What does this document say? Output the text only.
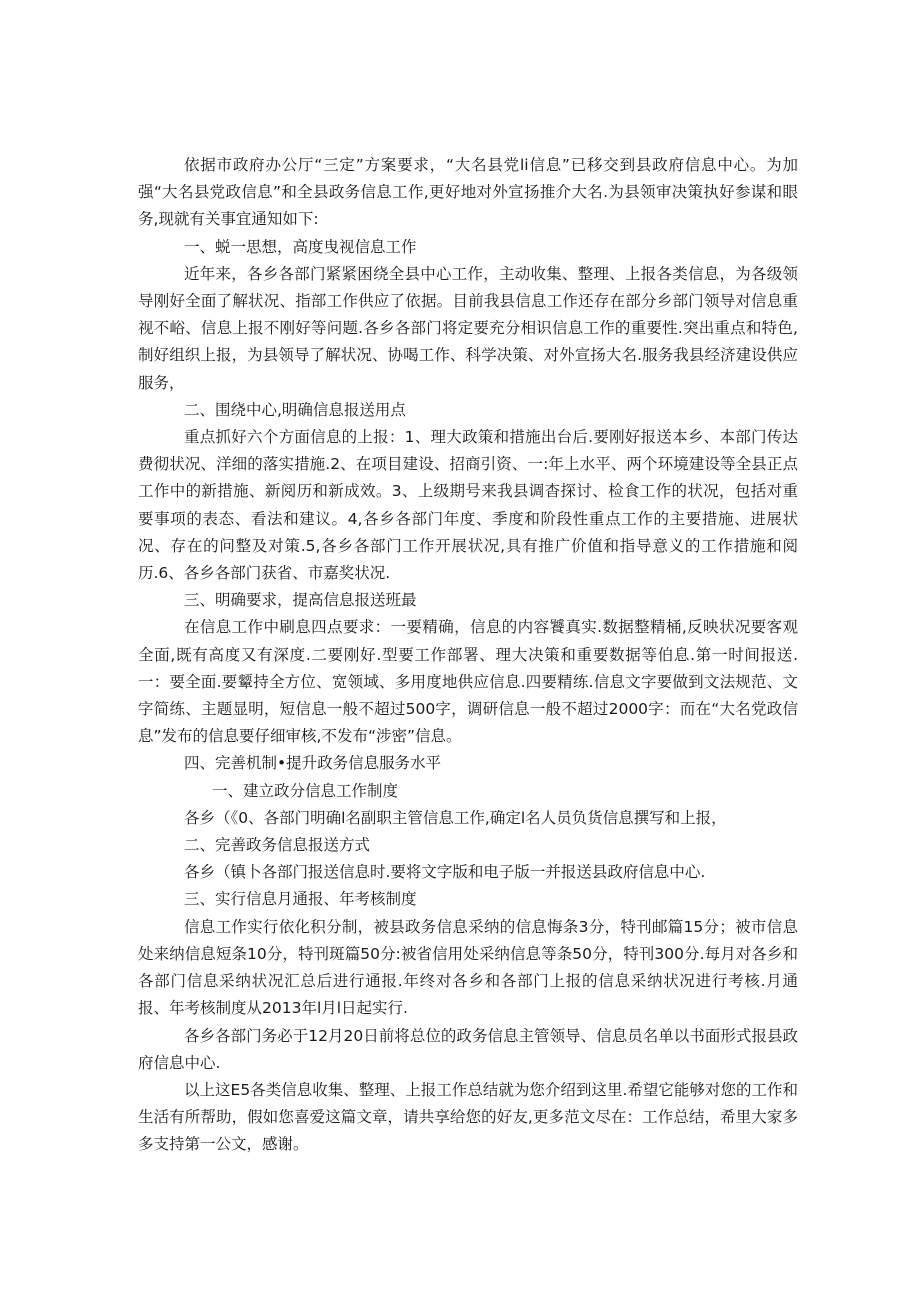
依据市政府办公厅“三定”方案要求，“大名县党li信息”已移交到县政府信息中心。为加强“大名县党政信息”和全县政务信息工作,更好地对外宣扬推介大名.为县领审决策执好参谋和眼务,现就有关事宜通知如下:

一、蜕一思想，高度曳视信息工作

近年来，各乡各部门紧紧困绕全县中心工作，主动收集、整理、上报各类信息，为各级领导刚好全面了解状况、指部工作供应了依据。目前我县信息工作还存在部分乡部门领导对信息重视不峪、信息上报不刚好等问题.各乡各部门将定要充分相识信息工作的重要性.突出重点和特色,制好组织上报，为县领导了解状况、协喝工作、科学决策、对外宣扬大名.服务我县经济建设供应服务，

二、围绕中心,明确信息报送用点

重点抓好六个方面信息的上报：1、理大政策和措施出台后.要刚好报送本乡、本部门传达费彻状况、洋细的落实措施.2、在项目建设、招商引资、一:年上水平、两个环境建设等全县正点工作中的新措施、新阅历和新成效。3、上级期号来我县调杳探讨、检食工作的状况，包括对重要事项的表态、看法和建议。4,各乡各部门年度、季度和阶段性重点工作的主要措施、进展状况、存在的问整及对策.5,各乡各部门工作开展状况,具有推广价值和指导意义的工作措施和阅历.6、各乡各部门获省、市嘉奖状况.

三、明确要求，提高信息报送班最

在信息工作中刷息四点要求：一要精确，信息的内容饕真实.数据整精桶,反映状况要客观全面,既有高度又有深度.二要刚好.型要工作部署、理大决策和重要数据等伯息.第一时间报送.一：要全面.要颦持全方位、宽领域、多用度地供应信息.四要精练.信息文字要做到文法规范、文字简练、主题显明，短信息一般不超过500字，调研信息一般不超过2000字：而在“大名党政信息”发布的信息要仔细审核,不发布“涉密”信息。

四、完善机制•提升政务信息服务水平

一、建立政分信息工作制度

各乡（《0、各部门明确l名副职主管信息工作,确定l名人员负货信息撰写和上报，

二、完善政务信息报送方式

各乡（镇卜各部门报送信息时.要将文字版和电子版一并报送县政府信息中心.

三、实行信息月通报、年考核制度

信息工作实行依化积分制，被县政务信息采纳的信息悔条3分，特刊邮篇15分；被市信息处来纳信息短条10分，特刊斑篇50分:被省信用处采纳信息等条50分，特刊300分.每月对各乡和各部门信息采纳状况汇总后进行通报.年终对各乡和各部门上报的信息采纳状况进行考核.月通报、年考核制度从2013年l月l日起实行.

各乡各部门务必于12月20日前将总位的政务信息主管领导、信息员名单以书面形式报县政府信息中心.

以上这E5各类信息收集、整理、上报工作总结就为您介绍到这里.希望它能够对您的工作和生活有所帮助，假如您喜爱这篇文章，请共享给您的好友,更多范文尽在：工作总结，希里大家多多支持第一公文，感谢。
